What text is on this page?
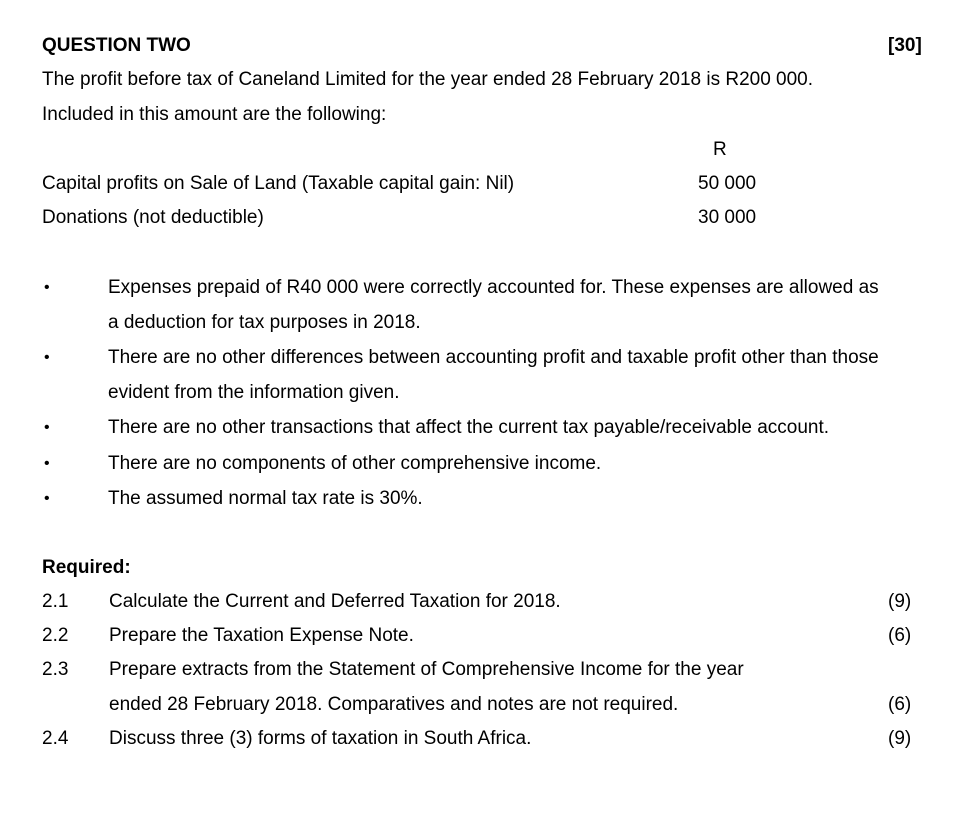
QUESTION TWO	[30]
The profit before tax of Caneland Limited for the year ended 28 February 2018 is R200 000.
Included in this amount are the following:
R
Capital profits on Sale of Land (Taxable capital gain: Nil)	50 000
Donations (not deductible)	30 000
•	Expenses prepaid of R40 000 were correctly accounted for. These expenses are allowed as
a deduction for tax purposes in 2018.
•	There are no other differences between accounting profit and taxable profit other than those
evident from the information given.
•	There are no other transactions that affect the current tax payable/receivable account.
•	There are no components of other comprehensive income.
•	The assumed normal tax rate is 30%.
Required:
2.1 Calculate the Current and Deferred Taxation for 2018.	(9)
2.2 Prepare the Taxation Expense Note.	(6)
2.3 Prepare extracts from the Statement of Comprehensive Income for the year
ended 28 February 2018. Comparatives and notes are not required.	(6)
2.4 Discuss three (3) forms of taxation in South Africa.	(9)
